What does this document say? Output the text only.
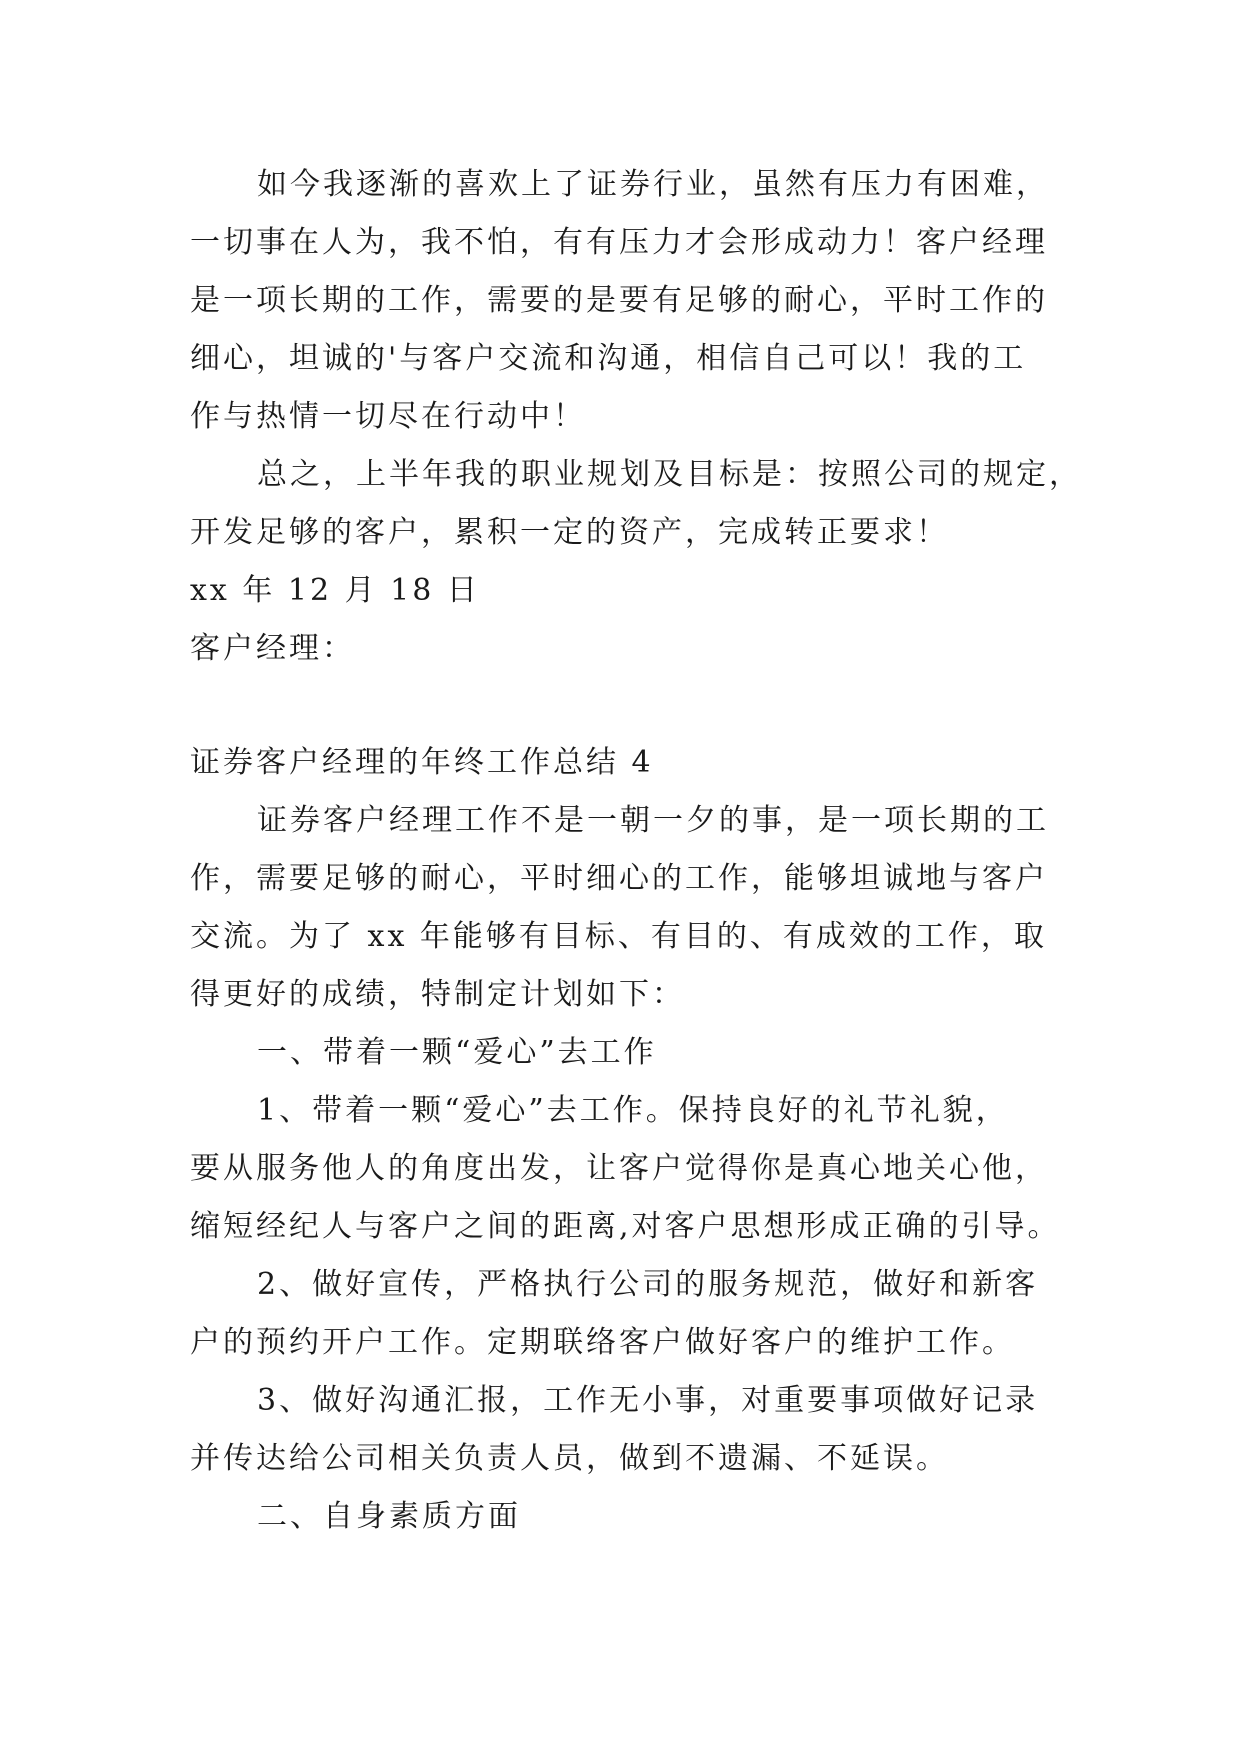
如今我逐渐的喜欢上了证券行业，虽然有压力有困难，
一切事在人为，我不怕，有有压力才会形成动力！客户经理
是一项长期的工作，需要的是要有足够的耐心，平时工作的
细心，坦诚的'与客户交流和沟通，相信自己可以！我的工
作与热情一切尽在行动中！
总之，上半年我的职业规划及目标是：按照公司的规定，
开发足够的客户，累积一定的资产，完成转正要求！
xx 年 12 月 18 日
客户经理：
证券客户经理的年终工作总结 4
证券客户经理工作不是一朝一夕的事，是一项长期的工
作，需要足够的耐心，平时细心的工作，能够坦诚地与客户
交流。为了 xx 年能够有目标、有目的、有成效的工作，取
得更好的成绩，特制定计划如下：
一、带着一颗“爱心”去工作
1、带着一颗“爱心”去工作。保持良好的礼节礼貌，
要从服务他人的角度出发，让客户觉得你是真心地关心他，
缩短经纪人与客户之间的距离,对客户思想形成正确的引导。
2、做好宣传，严格执行公司的服务规范，做好和新客
户的预约开户工作。定期联络客户做好客户的维护工作。
3、做好沟通汇报，工作无小事，对重要事项做好记录
并传达给公司相关负责人员，做到不遗漏、不延误。
二、自身素质方面
